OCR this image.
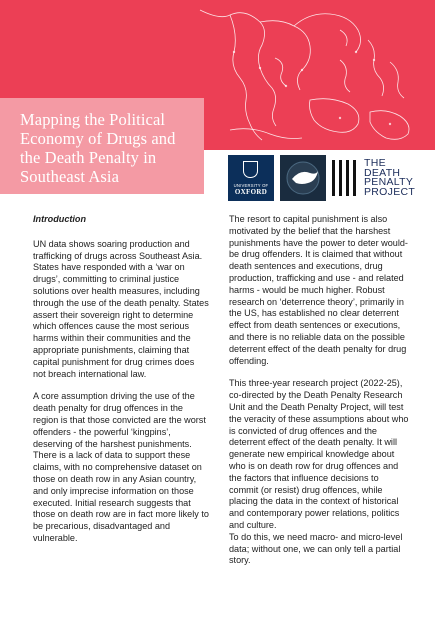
Mapping the Political Economy of Drugs and the Death Penalty in Southeast Asia	UNIVERSITY OF
OXFORD
THE
DEATH
PENALTY
PROJECT
Introduction

UN data shows soaring production and trafficking of drugs across Southeast Asia. States have responded with a ‘war on drugs’, committing to criminal justice solutions over health measures, including through the use of the death penalty. States assert their sovereign right to determine which offences cause the most serious harms within their communities and the appropriate punishments, claiming that capital punishment for drug crimes does not breach international law.

A core assumption driving the use of the death penalty for drug offences in the region is that those convicted are the worst offenders - the powerful ‘kingpins’, deserving of the harshest punishments. There is a lack of data to support these claims, with no comprehensive dataset on those on death row in any Asian country, and only imprecise information on those executed. Initial research suggests that those on death row are in fact more likely to be precarious, disadvantaged and vulnerable.

The resort to capital punishment is also motivated by the belief that the harshest punishments have the power to deter would-be drug offenders. It is claimed that without death sentences and executions, drug production, trafficking and use - and related harms - would be much higher. Robust research on ‘deterrence theory’, primarily in the US, has established no clear deterrent effect from death sentences or executions, and there is no reliable data on the possible deterrent effect of the death penalty for drug offending.

This three-year research project (2022-25), co-directed by the Death Penalty Research Unit and the Death Penalty Project, will test the veracity of these assumptions about who is convicted of drug offences and the deterrent effect of the death penalty. It will generate new empirical knowledge about who is on death row for drug offences and the factors that influence decisions to commit (or resist) drug offences, while placing the data in the context of historical and contemporary power relations, politics and culture.

To do this, we need macro- and micro-level data; without one, we can only tell a partial story.
